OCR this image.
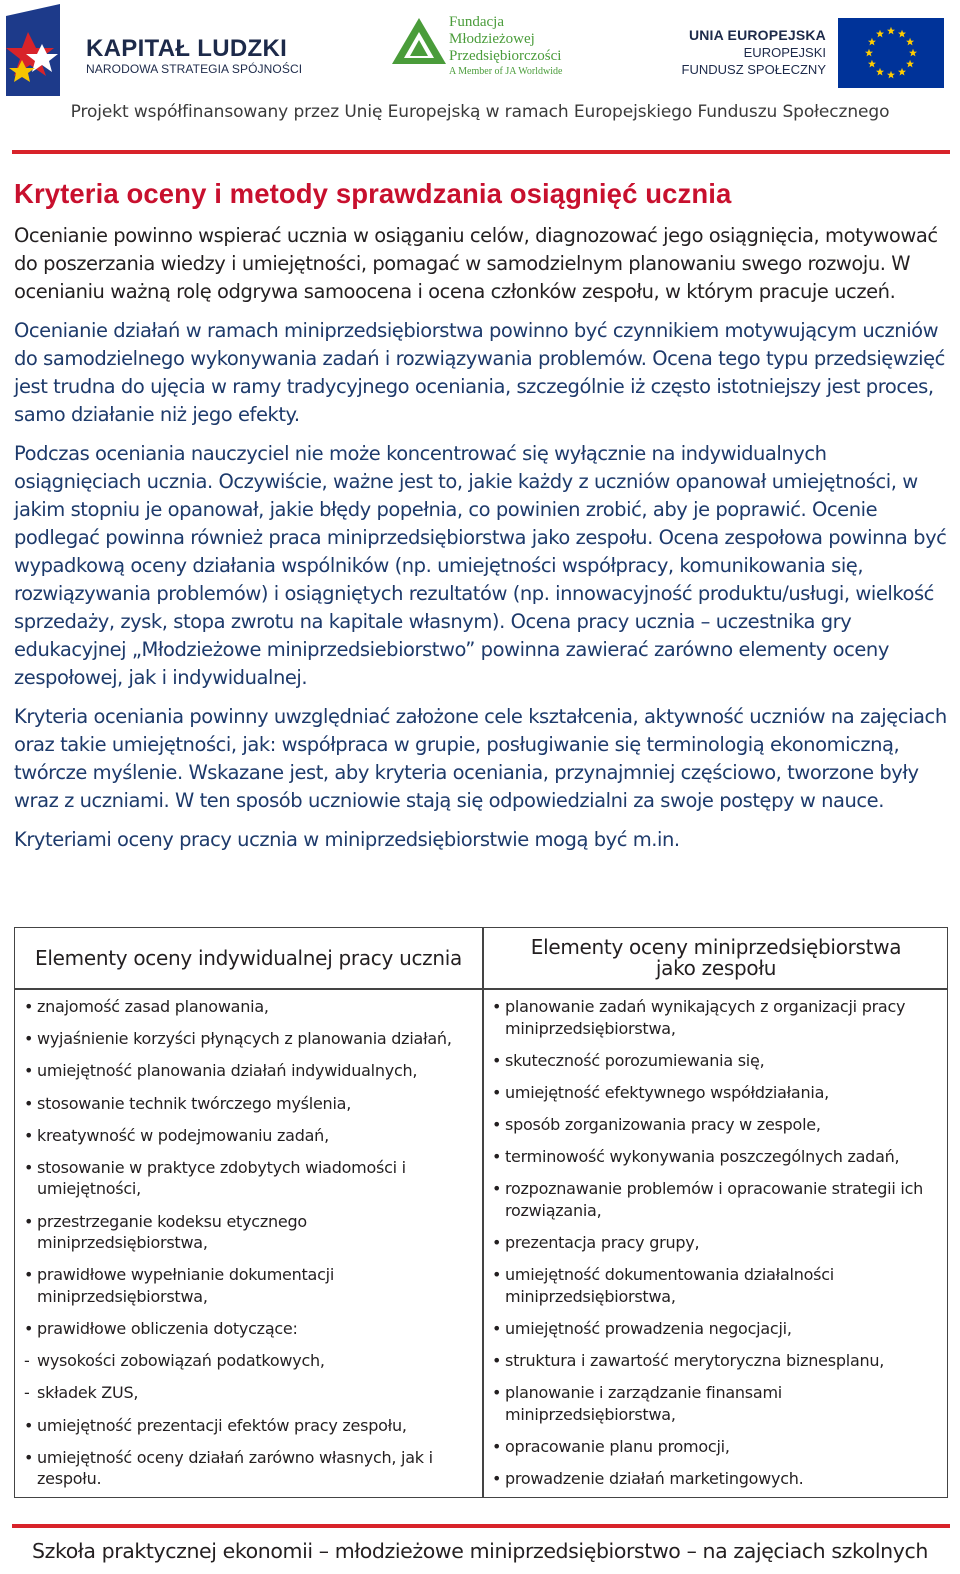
KAPITAŁ LUDZKI
NARODOWA STRATEGIA SPÓJNOŚCI
Fundacja
Młodzieżowej
Przedsiębiorczości
A Member of JA Worldwide
UNIA EUROPEJSKA
EUROPEJSKI
FUNDUSZ SPOŁECZNY
Projekt współfinansowany przez Unię Europejską w ramach Europejskiego Funduszu Społecznego
Kryteria oceny i metody sprawdzania osiągnięć ucznia

Ocenianie powinno wspierać ucznia w osiąganiu celów, diagnozować jego osiągnięcia, motywować do poszerzania wiedzy i umiejętności, pomagać w samodzielnym planowaniu swego rozwoju. W ocenianiu ważną rolę odgrywa samoocena i ocena członków zespołu, w którym pracuje uczeń.

Ocenianie działań w ramach miniprzedsiębiorstwa powinno być czynnikiem motywującym uczniów do samodzielnego wykonywania zadań i rozwiązywania problemów. Ocena tego typu przedsięwzięć jest trudna do ujęcia w ramy tradycyjnego oceniania, szczególnie iż często istotniejszy jest proces, samo działanie niż jego efekty.

Podczas oceniania nauczyciel nie może koncentrować się wyłącznie na indywidualnych osiągnięciach ucznia. Oczywiście, ważne jest to, jakie każdy z uczniów opanował umiejętności, w jakim stopniu je opanował, jakie błędy popełnia, co powinien zrobić, aby je poprawić. Ocenie podlegać powinna również praca miniprzedsiębiorstwa jako zespołu. Ocena zespołowa powinna być wypadkową oceny działania wspólników (np. umiejętności współpracy, komunikowania się, rozwiązywania problemów) i osiągniętych rezultatów (np. innowacyjność produktu/usługi, wielkość sprzedaży, zysk, stopa zwrotu na kapitale własnym). Ocena pracy ucznia – uczestnika gry edukacyjnej „Młodzieżowe miniprzedsiebiorstwo” powinna zawierać zarówno elementy oceny zespołowej, jak i indywidualnej.

Kryteria oceniania powinny uwzględniać założone cele kształcenia, aktywność uczniów na zajęciach oraz takie umiejętności, jak: współpraca w grupie, posługiwanie się terminologią ekonomiczną, twórcze myślenie. Wskazane jest, aby kryteria oceniania, przynajmniej częściowo, tworzone były wraz z uczniami. W ten sposób uczniowie stają się odpowiedzialni za swoje postępy w nauce.

Kryteriami oceny pracy ucznia w miniprzedsiębiorstwie mogą być m.in.

Elementy oceny indywidualnej pracy ucznia	Elementy oceny miniprzedsiębiorstwa jako zespołu
• znajomość zasad planowania,
• wyjaśnienie korzyści płynących z planowania działań,
• umiejętność planowania działań indywidualnych,
• stosowanie technik twórczego myślenia,
• kreatywność w podejmowaniu zadań,
• stosowanie w praktyce zdobytych wiadomości i umiejętności,
• przestrzeganie kodeksu etycznego miniprzedsiębiorstwa,
• prawidłowe wypełnianie dokumentacji miniprzedsiębiorstwa,
• prawidłowe obliczenia dotyczące:
- wysokości zobowiązań podatkowych,
- składek ZUS,
• umiejętność prezentacji efektów pracy zespołu,
• umiejętność oceny działań zarówno własnych, jak i zespołu.
• planowanie zadań wynikających z organizacji pracy miniprzedsiębiorstwa,
• skuteczność porozumiewania się,
• umiejętność efektywnego współdziałania,
• sposób zorganizowania pracy w zespole,
• terminowość wykonywania poszczególnych zadań,
• rozpoznawanie problemów i opracowanie strategii ich rozwiązania,
• prezentacja pracy grupy,
• umiejętność dokumentowania działalności miniprzedsiębiorstwa,
• umiejętność prowadzenia negocjacji,
• struktura i zawartość merytoryczna biznesplanu,
• planowanie i zarządzanie finansami miniprzedsiębiorstwa,
• opracowanie planu promocji,
• prowadzenie działań marketingowych.
Szkoła praktycznej ekonomii – młodzieżowe miniprzedsiębiorstwo – na zajęciach szkolnych
